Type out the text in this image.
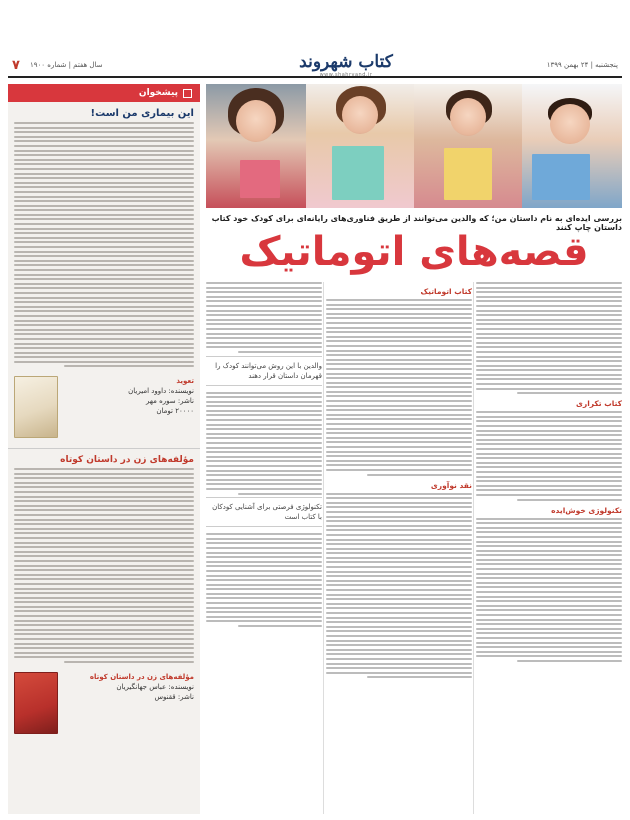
۷ سال هفتم | شماره ۱۹۰۰	کتاب شهروند
www.shahrvand.ir
پنجشنبه | ۲۴ بهمن ۱۳۹۹
بررسی ایده‌ای به نام داستان من؛ که والدین می‌توانند از طریق فناوری‌های رایانه‌ای برای کودک خود کتاب داستان چاپ کنند
قصه‌های اتوماتیک
کتاب تکراری
تکنولوژی خوش‌ایده
کتاب اتوماتیک
نقد نوآوری
والدین با این روش می‌توانند کودک را قهرمان داستان قرار دهند
تکنولوژی فرصتی برای آشنایی کودکان با کتاب است
پیشخوان
این بیماری من است!
تعویذ
نویسنده: داوود امیریان
ناشر: سوره مهر
۲۰۰۰۰ تومان
مؤلفه‌های زن در داستان کوتاه
مؤلفه‌های زن در داستان کوتاه
نویسنده: عباس جهانگیریان
ناشر: ققنوس
